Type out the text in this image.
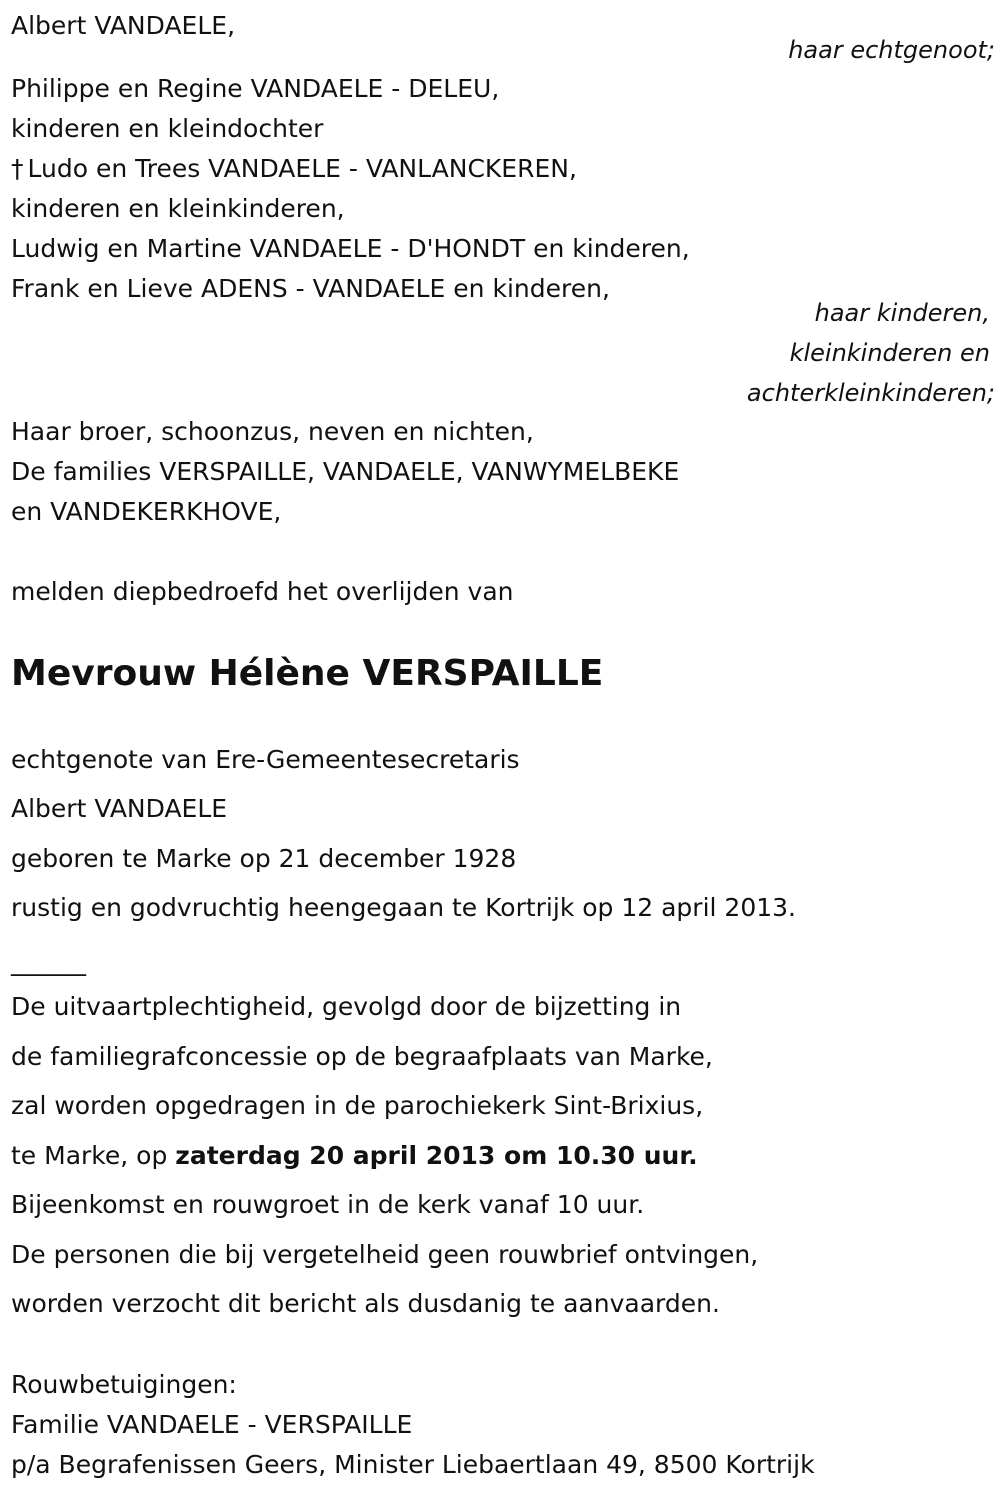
Albert VANDAELE,
haar echtgenoot;
Philippe en Regine VANDAELE - DELEU,
kinderen en kleindochter
† Ludo en Trees VANDAELE - VANLANCKEREN,
kinderen en kleinkinderen,
Ludwig en Martine VANDAELE - D'HONDT en kinderen,
Frank en Lieve ADENS - VANDAELE en kinderen,
haar kinderen,
kleinkinderen en
achterkleinkinderen;
Haar broer, schoonzus, neven en nichten,
De families VERSPAILLE, VANDAELE, VANWYMELBEKE
en VANDEKERKHOVE,
melden diepbedroefd het overlijden van
Mevrouw Hélène VERSPAILLE
echtgenote van Ere-Gemeentesecretaris
Albert VANDAELE
geboren te Marke op 21 december 1928
rustig en godvruchtig heengegaan te Kortrijk op 12 april 2013.
______
De uitvaartplechtigheid, gevolgd door de bijzetting in
de familiegrafconcessie op de begraafplaats van Marke,
zal worden opgedragen in de parochiekerk Sint-Brixius,
te Marke, op zaterdag 20 april 2013 om 10.30 uur.
Bijeenkomst en rouwgroet in de kerk vanaf 10 uur.
De personen die bij vergetelheid geen rouwbrief ontvingen,
worden verzocht dit bericht als dusdanig te aanvaarden.
Rouwbetuigingen:
Familie VANDAELE - VERSPAILLE
p/a Begrafenissen Geers, Minister Liebaertlaan 49, 8500 Kortrijk
